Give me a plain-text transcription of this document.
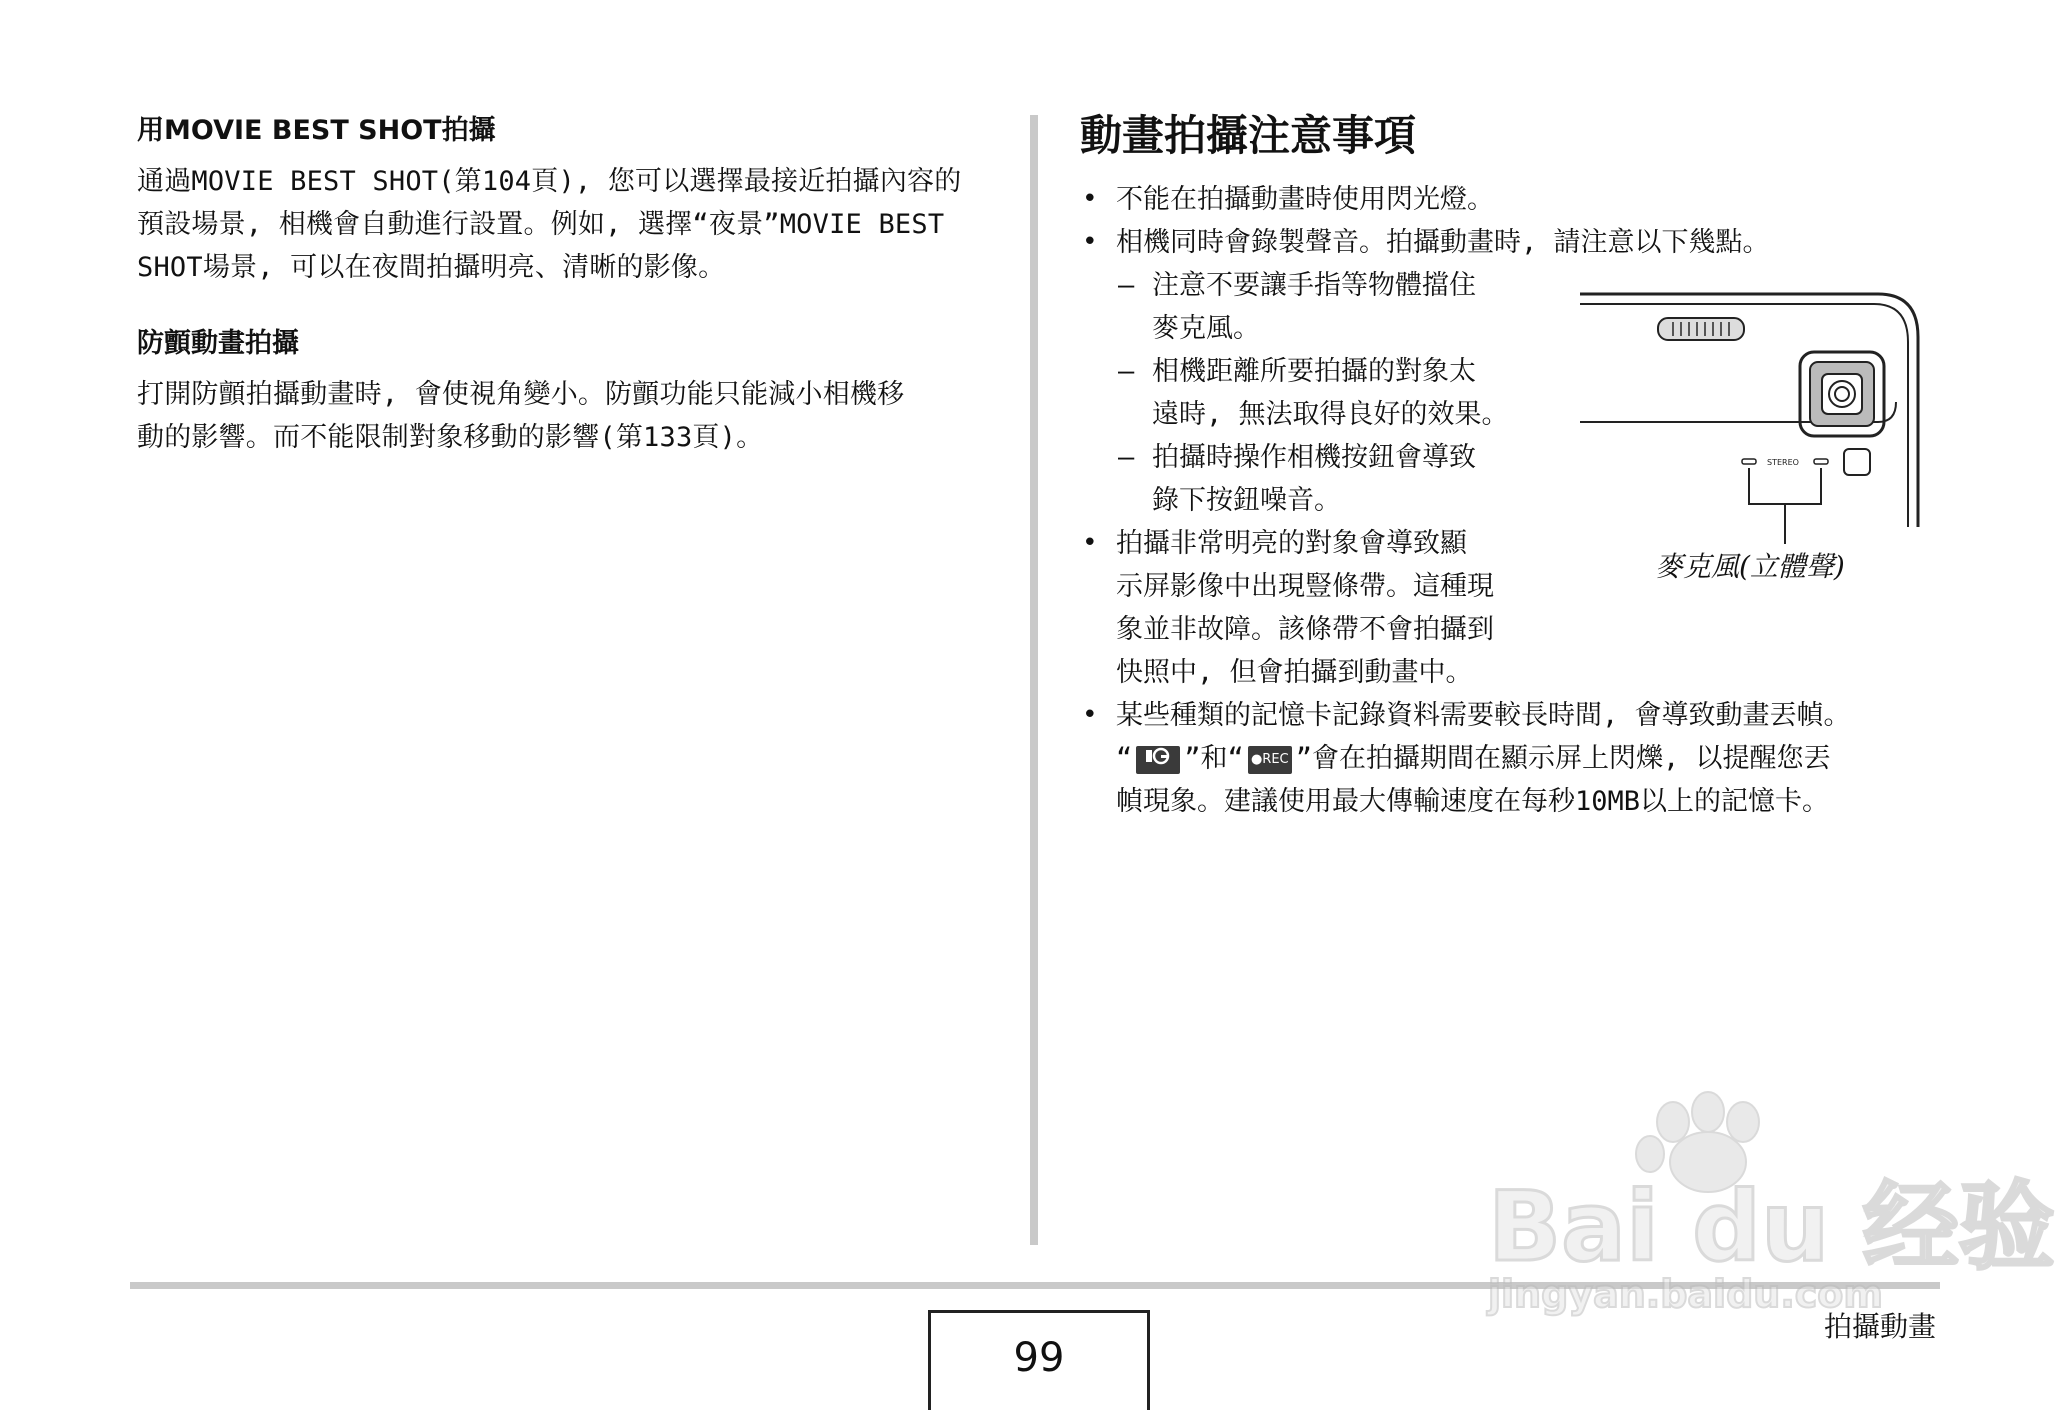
用MOVIE BEST SHOT拍攝

通過MOVIE BEST SHOT(第104頁), 您可以選擇最接近拍攝內容的

預設場景, 相機會自動進行設置。例如, 選擇“夜景”MOVIE BEST

SHOT場景, 可以在夜間拍攝明亮、清晰的影像。

防顫動畫拍攝

打開防顫拍攝動畫時, 會使視角變小。防顫功能只能減小相機移

動的影響。而不能限制對象移動的影響(第133頁)。

動畫拍攝注意事項
• 不能在拍攝動畫時使用閃光燈。
• 相機同時會錄製聲音。拍攝動畫時, 請注意以下幾點。
– 注意不要讓手指等物體擋住
麥克風。
– 相機距離所要拍攝的對象太
遠時, 無法取得良好的效果。
– 拍攝時操作相機按鈕會導致
錄下按鈕噪音。
• 拍攝非常明亮的對象會導致顯
示屏影像中出現豎條帶。這種現
象並非故障。該條帶不會拍攝到
快照中, 但會拍攝到動畫中。
• 某些種類的記憶卡記錄資料需要較長時間, 會導致動畫丟幀。
“ ”和“ ●REC ”會在拍攝期間在顯示屏上閃爍, 以提醒您丟
幀現象。建議使用最大傳輸速度在每秒10MB以上的記憶卡。
STEREO
麥克風(立體聲)
99
拍攝動畫
Bai du 经验
jingyan.baidu.com
